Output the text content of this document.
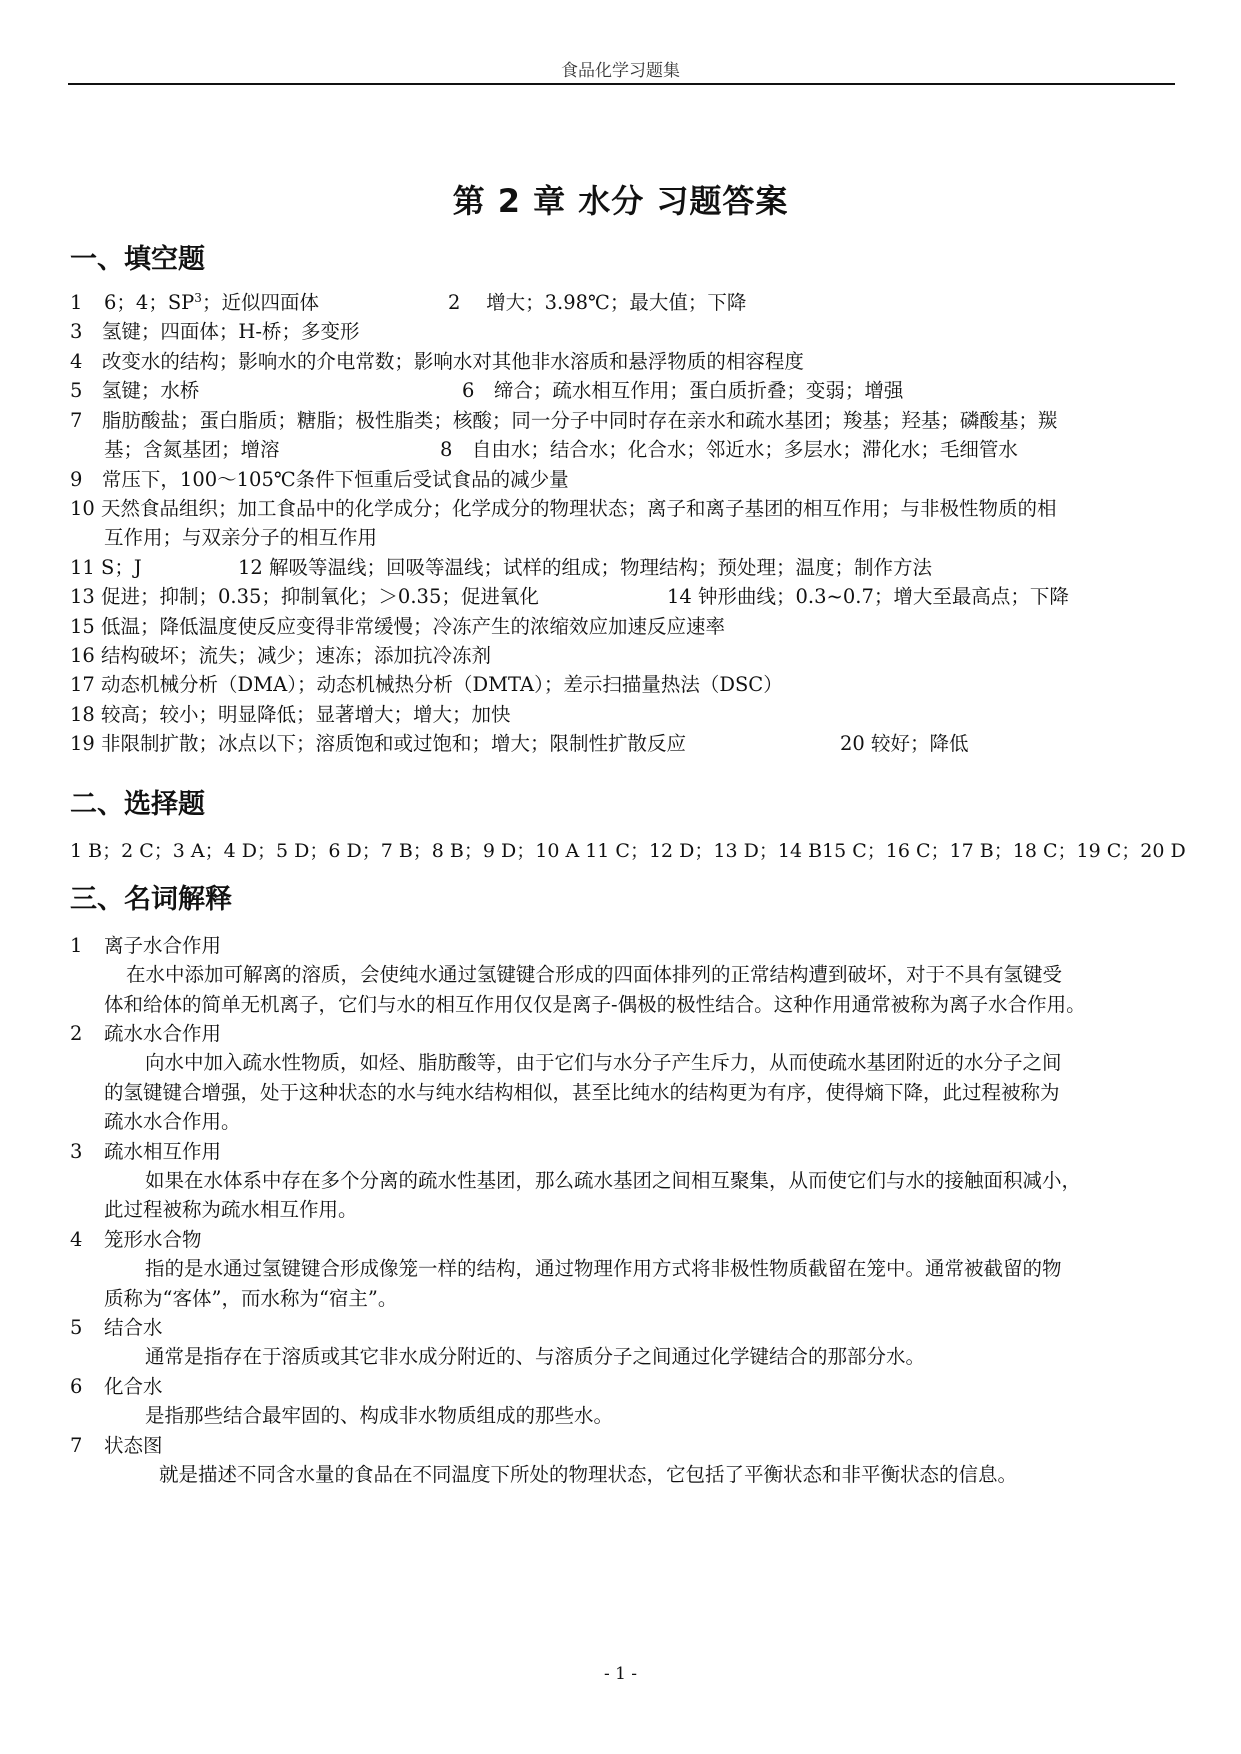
食品化学习题集
第 2 章 水分 习题答案
一、填空题
1 6；4；$SP^3$；近似四面体	2　 增大；3.98℃；最大值；下降
3　氢键；四面体；H-桥；多变形
4　改变水的结构；影响水的介电常数；影响水对其他非水溶质和悬浮物质的相容程度
5　氢键；水桥	6　缔合；疏水相互作用；蛋白质折叠；变弱；增强
7　脂肪酸盐；蛋白脂质；糖脂；极性脂类；核酸；同一分子中同时存在亲水和疏水基团；羧基；羟基；磷酸基；羰
基；含氮基团；增溶	8　自由水；结合水；化合水；邻近水；多层水；滞化水；毛细管水
9　常压下，100～105℃条件下恒重后受试食品的减少量
10 天然食品组织；加工食品中的化学成分；化学成分的物理状态；离子和离子基团的相互作用；与非极性物质的相
互作用；与双亲分子的相互作用
11 S；J	12 解吸等温线；回吸等温线；试样的组成；物理结构；预处理；温度；制作方法
13 促进；抑制；0.35；抑制氧化；＞0.35；促进氧化	14 钟形曲线；0.3~0.7；增大至最高点；下降
15 低温；降低温度使反应变得非常缓慢；冷冻产生的浓缩效应加速反应速率
16 结构破坏；流失；减少；速冻；添加抗冷冻剂
17 动态机械分析（DMA）；动态机械热分析（DMTA）；差示扫描量热法（DSC）
18 较高；较小；明显降低；显著增大；增大；加快
19 非限制扩散；冰点以下；溶质饱和或过饱和；增大；限制性扩散反应	20 较好；降低
二、选择题
1 B；2 C；3 A；4 D；5 D；6 D；7 B；8 B；9 D；10 A 11 C；12 D；13 D；14 B15 C；16 C；17 B；18 C；19 C；20 D
三、名词解释
1 离子水合作用
在水中添加可解离的溶质，会使纯水通过氢键键合形成的四面体排列的正常结构遭到破坏，对于不具有氢键受
体和给体的简单无机离子，它们与水的相互作用仅仅是离子-偶极的极性结合。这种作用通常被称为离子水合作用。
2 疏水水合作用
向水中加入疏水性物质，如烃、脂肪酸等，由于它们与水分子产生斥力，从而使疏水基团附近的水分子之间
的氢键键合增强，处于这种状态的水与纯水结构相似，甚至比纯水的结构更为有序，使得熵下降，此过程被称为
疏水水合作用。
3 疏水相互作用
如果在水体系中存在多个分离的疏水性基团，那么疏水基团之间相互聚集，从而使它们与水的接触面积减小，
此过程被称为疏水相互作用。
4 笼形水合物
指的是水通过氢键键合形成像笼一样的结构，通过物理作用方式将非极性物质截留在笼中。通常被截留的物
质称为“客体”，而水称为“宿主”。
5 结合水
通常是指存在于溶质或其它非水成分附近的、与溶质分子之间通过化学键结合的那部分水。
6 化合水
是指那些结合最牢固的、构成非水物质组成的那些水。
7 状态图
就是描述不同含水量的食品在不同温度下所处的物理状态，它包括了平衡状态和非平衡状态的信息。
- 1 -
